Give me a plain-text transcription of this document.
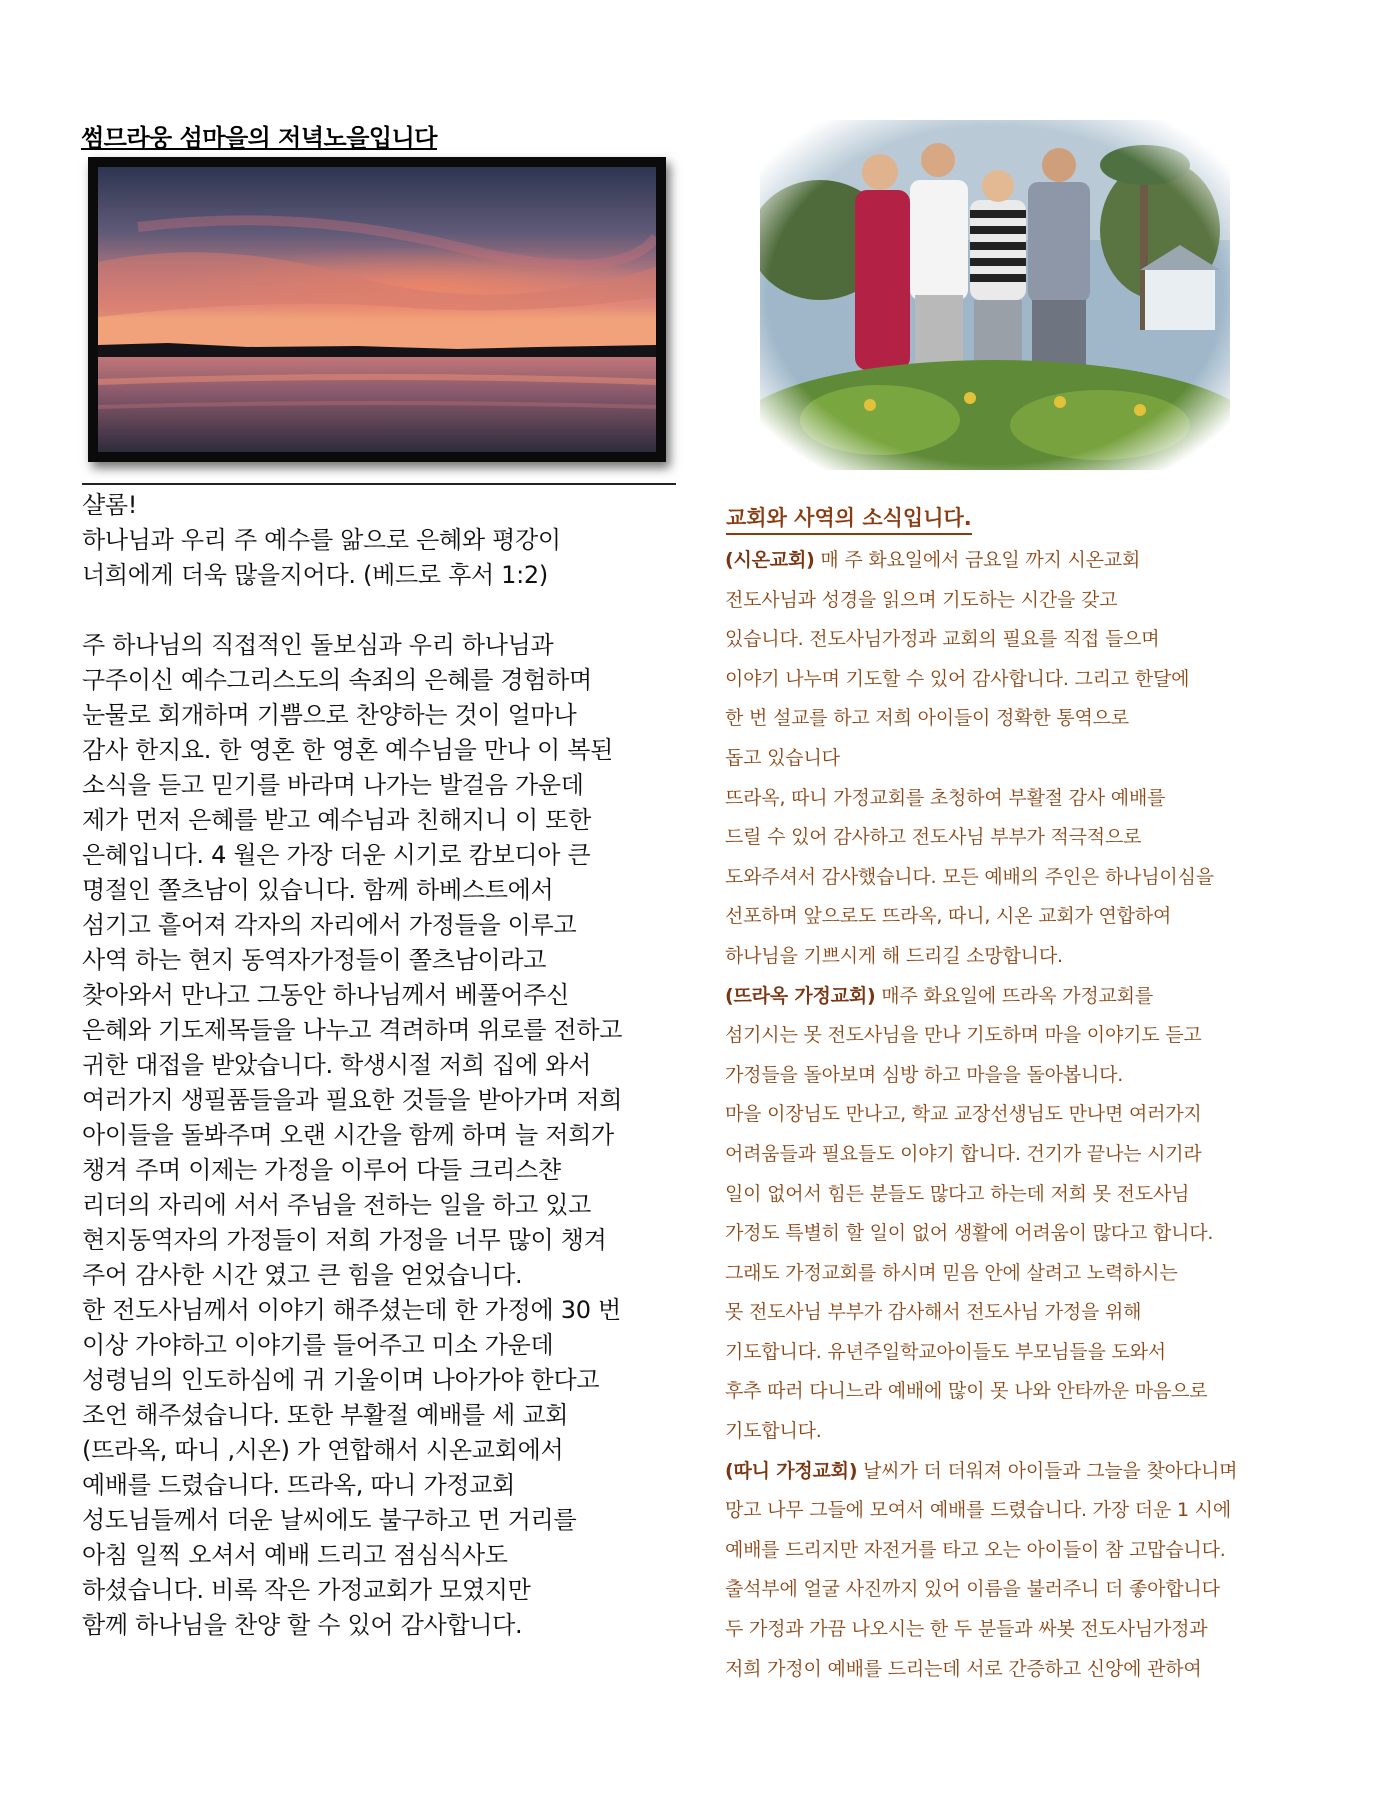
썸므라웅 섬마을의 저녁노을입니다
샬롬!
하나님과 우리 주 예수를 앎으로 은혜와 평강이
너희에게 더욱 많을지어다. (베드로 후서 1:2)
주 하나님의 직접적인 돌보심과 우리 하나님과
구주이신 예수그리스도의 속죄의 은혜를 경험하며
눈물로 회개하며 기쁨으로 찬양하는 것이 얼마나
감사 한지요. 한 영혼 한 영혼 예수님을 만나 이 복된
소식을 듣고 믿기를 바라며 나가는 발걸음 가운데
제가 먼저 은혜를 받고 예수님과 친해지니 이 또한
은혜입니다. 4 월은 가장 더운 시기로 캄보디아 큰
명절인 쫄츠남이 있습니다. 함께 하베스트에서
섬기고 흩어져 각자의 자리에서 가정들을 이루고
사역 하는 현지 동역자가정들이 쫄츠남이라고
찾아와서 만나고 그동안 하나님께서 베풀어주신
은혜와 기도제목들을 나누고 격려하며 위로를 전하고
귀한 대접을 받았습니다. 학생시절 저희 집에 와서
여러가지 생필품들을과 필요한 것들을 받아가며 저희
아이들을 돌봐주며 오랜 시간을 함께 하며 늘 저희가
챙겨 주며 이제는 가정을 이루어 다들 크리스챤
리더의 자리에 서서 주님을 전하는 일을 하고 있고
현지동역자의 가정들이 저희 가정을 너무 많이 챙겨
주어 감사한 시간 였고 큰 힘을 얻었습니다.
한 전도사님께서 이야기 해주셨는데 한 가정에 30 번
이상 가야하고 이야기를 들어주고 미소 가운데
성령님의 인도하심에 귀 기울이며 나아가야 한다고
조언 해주셨습니다. 또한 부활절 예배를 세 교회
(뜨라옥, 따니 ,시온) 가 연합해서 시온교회에서
예배를 드렸습니다. 뜨라옥, 따니 가정교회
성도님들께서 더운 날씨에도 불구하고 먼 거리를
아침 일찍 오셔서 예배 드리고 점심식사도
하셨습니다. 비록 작은 가정교회가 모였지만
함께 하나님을 찬양 할 수 있어 감사합니다.
교회와 사역의 소식입니다.
(시온교회) 매 주 화요일에서 금요일 까지 시온교회
전도사님과 성경을 읽으며 기도하는 시간을 갖고
있습니다. 전도사님가정과 교회의 필요를 직접 들으며
이야기 나누며 기도할 수 있어 감사합니다. 그리고 한달에
한 번 설교를 하고 저희 아이들이 정확한 통역으로
돕고 있습니다
뜨라옥, 따니 가정교회를 초청하여 부활절 감사 예배를
드릴 수 있어 감사하고 전도사님 부부가 적극적으로
도와주셔서 감사했습니다. 모든 예배의 주인은 하나님이심을
선포하며 앞으로도 뜨라옥, 따니, 시온 교회가 연합하여
하나님을 기쁘시게 해 드리길 소망합니다.
(뜨라옥 가정교회) 매주 화요일에 뜨라옥 가정교회를
섬기시는 못 전도사님을 만나 기도하며 마을 이야기도 듣고
가정들을 돌아보며 심방 하고 마을을 돌아봅니다.
마을 이장님도 만나고, 학교 교장선생님도 만나면 여러가지
어려움들과 필요들도 이야기 합니다. 건기가 끝나는 시기라
일이 없어서 힘든 분들도 많다고 하는데 저희 못 전도사님
가정도 특별히 할 일이 없어 생활에 어려움이 많다고 합니다.
그래도 가정교회를 하시며 믿음 안에 살려고 노력하시는
못 전도사님 부부가 감사해서 전도사님 가정을 위해
기도합니다. 유년주일학교아이들도 부모님들을 도와서
후추 따러 다니느라 예배에 많이 못 나와 안타까운 마음으로
기도합니다.
(따니 가정교회) 날씨가 더 더워져 아이들과 그늘을 찾아다니며
망고 나무 그들에 모여서 예배를 드렸습니다. 가장 더운 1 시에
예배를 드리지만 자전거를 타고 오는 아이들이 참 고맙습니다.
출석부에 얼굴 사진까지 있어 이름을 불러주니 더 좋아합니다
두 가정과 가끔 나오시는 한 두 분들과 싸봇 전도사님가정과
저희 가정이 예배를 드리는데 서로 간증하고 신앙에 관하여
